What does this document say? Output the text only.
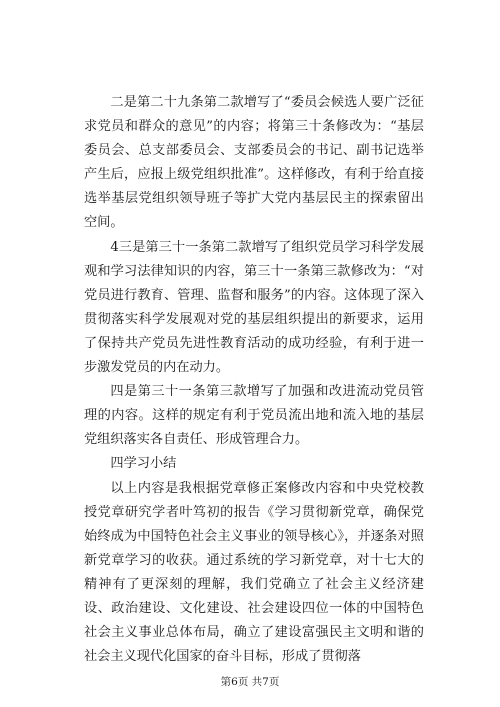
二是第二十九条第二款增写了“委员会候选人要广泛征求党员和群众的意见”的内容；将第三十条修改为：“基层委员会、总支部委员会、支部委员会的书记、副书记选举产生后，应报上级党组织批准”。这样修改，有利于给直接选举基层党组织领导班子等扩大党内基层民主的探索留出空间。

4三是第三十一条第二款增写了组织党员学习科学发展观和学习法律知识的内容，第三十一条第三款修改为：“对党员进行教育、管理、监督和服务”的内容。这体现了深入贯彻落实科学发展观对党的基层组织提出的新要求，运用了保持共产党员先进性教育活动的成功经验，有利于进一步激发党员的内在动力。

四是第三十一条第三款增写了加强和改进流动党员管理的内容。这样的规定有利于党员流出地和流入地的基层党组织落实各自责任、形成管理合力。

四学习小结

以上内容是我根据党章修正案修改内容和中央党校教授党章研究学者叶笃初的报告《学习贯彻新党章，确保党始终成为中国特色社会主义事业的领导核心》，并逐条对照新党章学习的收获。通过系统的学习新党章，对十七大的精神有了更深刻的理解，我们党确立了社会主义经济建设、政治建设、文化建设、社会建设四位一体的中国特色社会主义事业总体布局，确立了建设富强民主文明和谐的社会主义现代化国家的奋斗目标，形成了贯彻落

第6页 共7页
